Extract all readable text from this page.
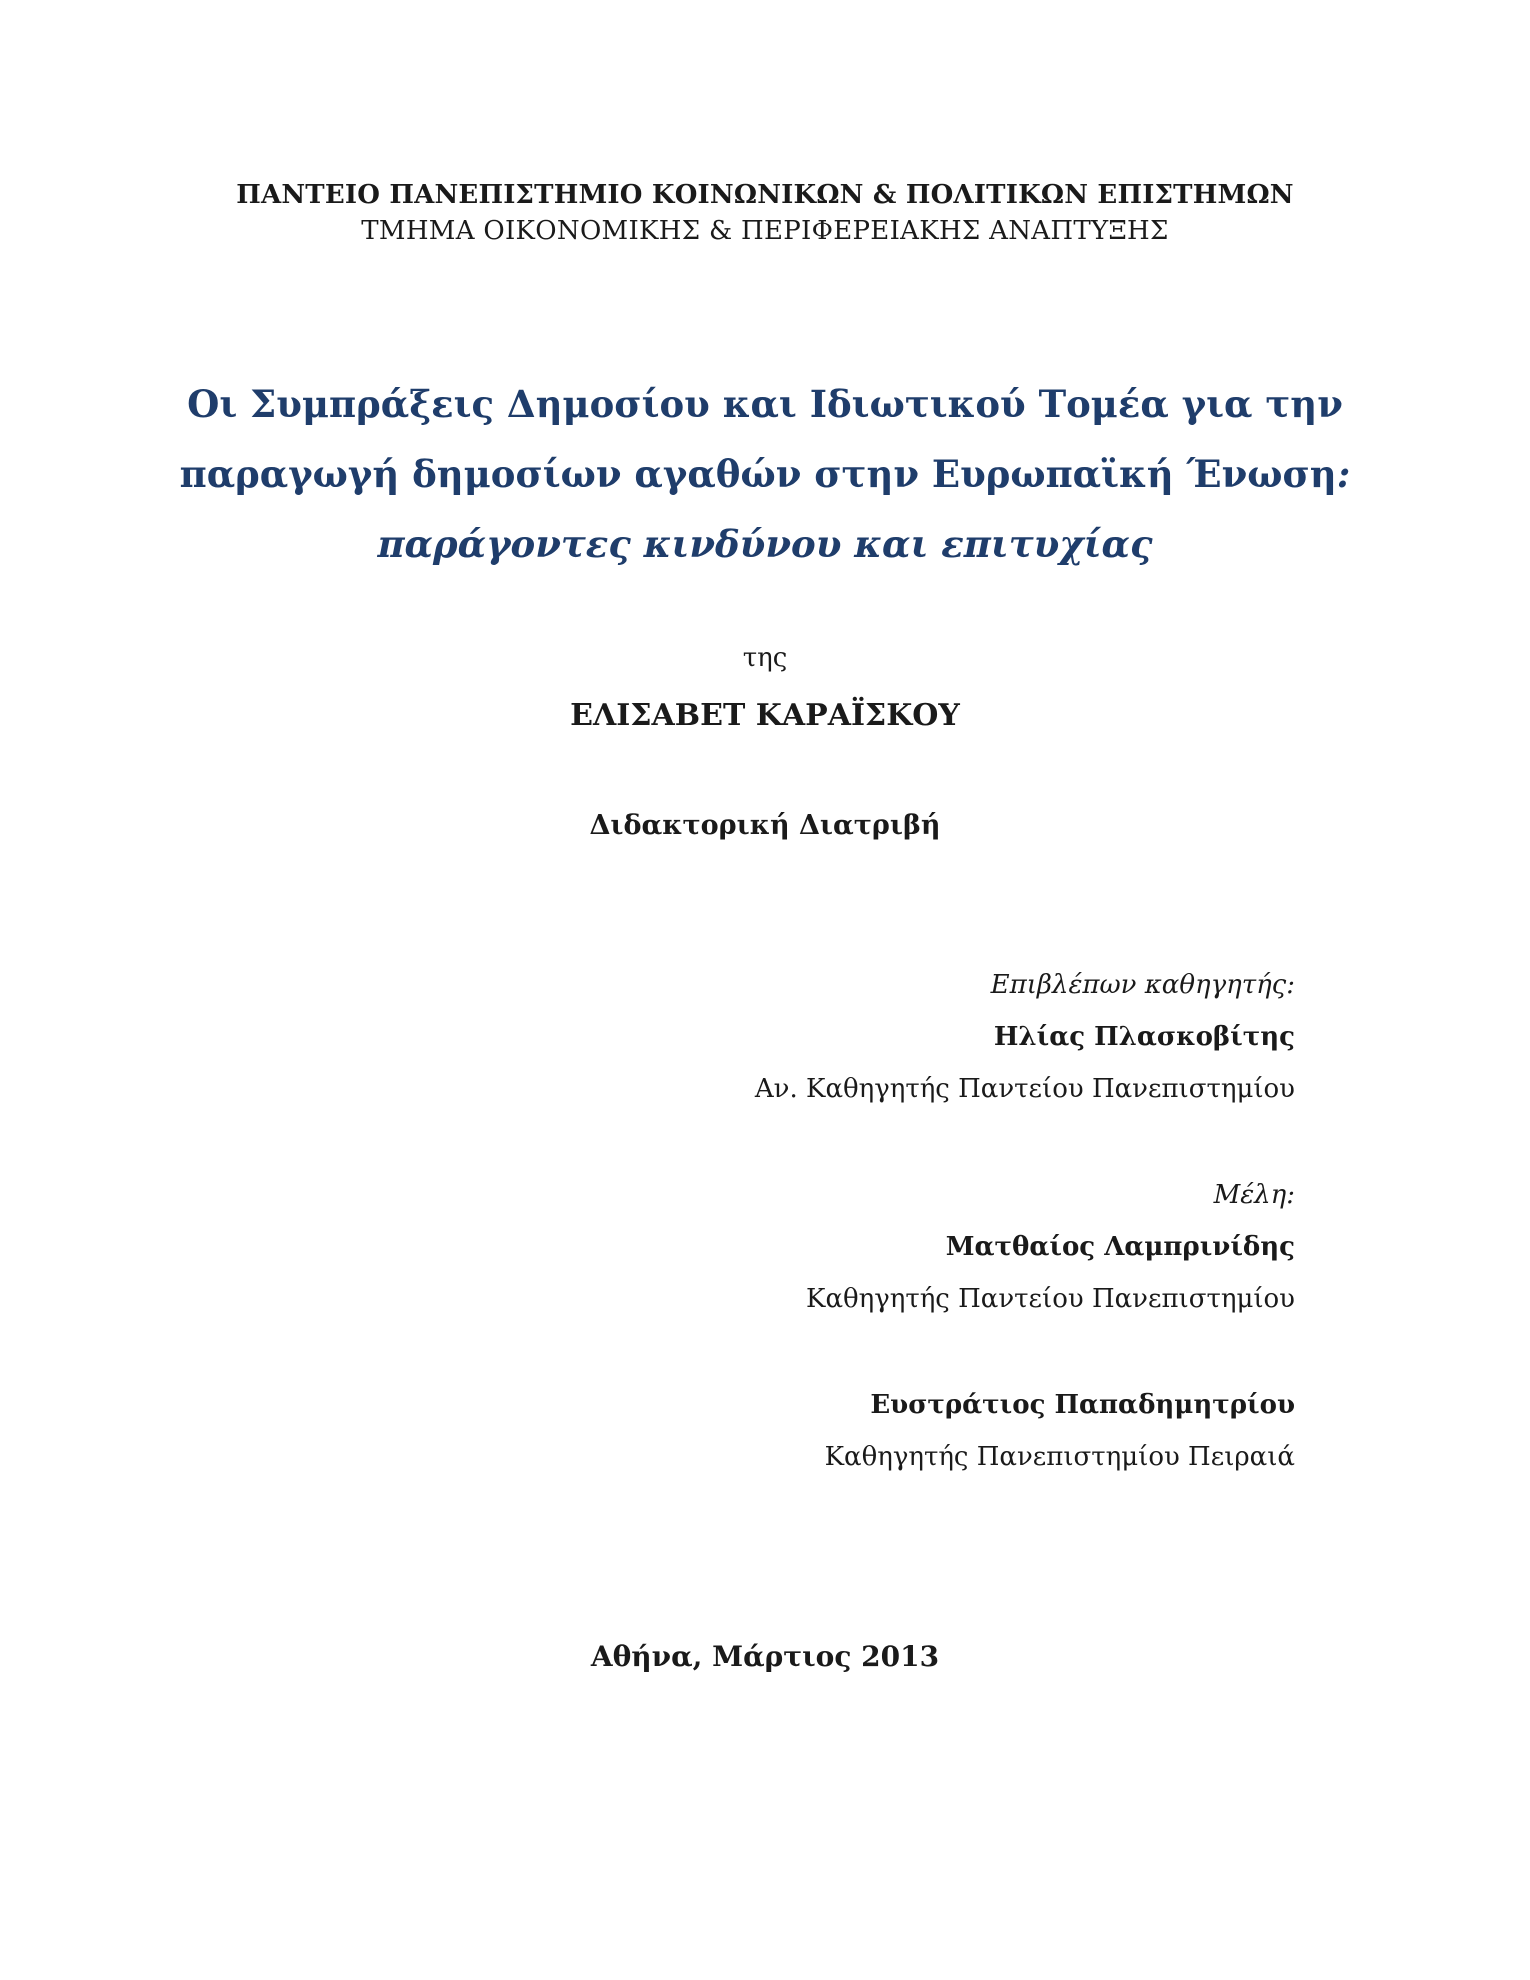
ΠΑΝΤΕΙΟ ΠΑΝΕΠΙΣΤΗΜΙΟ ΚΟΙΝΩΝΙΚΩΝ & ΠΟΛΙΤΙΚΩΝ ΕΠΙΣΤΗΜΩΝ
ΤΜΗΜΑ ΟΙΚΟΝΟΜΙΚΗΣ & ΠΕΡΙΦΕΡΕΙΑΚΗΣ ΑΝΑΠΤΥΞΗΣ
Οι Συμπράξεις Δημοσίου και Ιδιωτικού Τομέα για την
παραγωγή δημοσίων αγαθών στην Ευρωπαϊκή Ένωση:
παράγοντες κινδύνου και επιτυχίας
της
ΕΛΙΣΑΒΕΤ ΚΑΡΑΪΣΚΟΥ
Διδακτορική Διατριβή
Επιβλέπων καθηγητής:
Ηλίας Πλασκοβίτης
Αν. Καθηγητής Παντείου Πανεπιστημίου
Μέλη:
Ματθαίος Λαμπρινίδης
Καθηγητής Παντείου Πανεπιστημίου
Ευστράτιος Παπαδημητρίου
Καθηγητής Πανεπιστημίου Πειραιά
Αθήνα, Μάρτιος 2013
